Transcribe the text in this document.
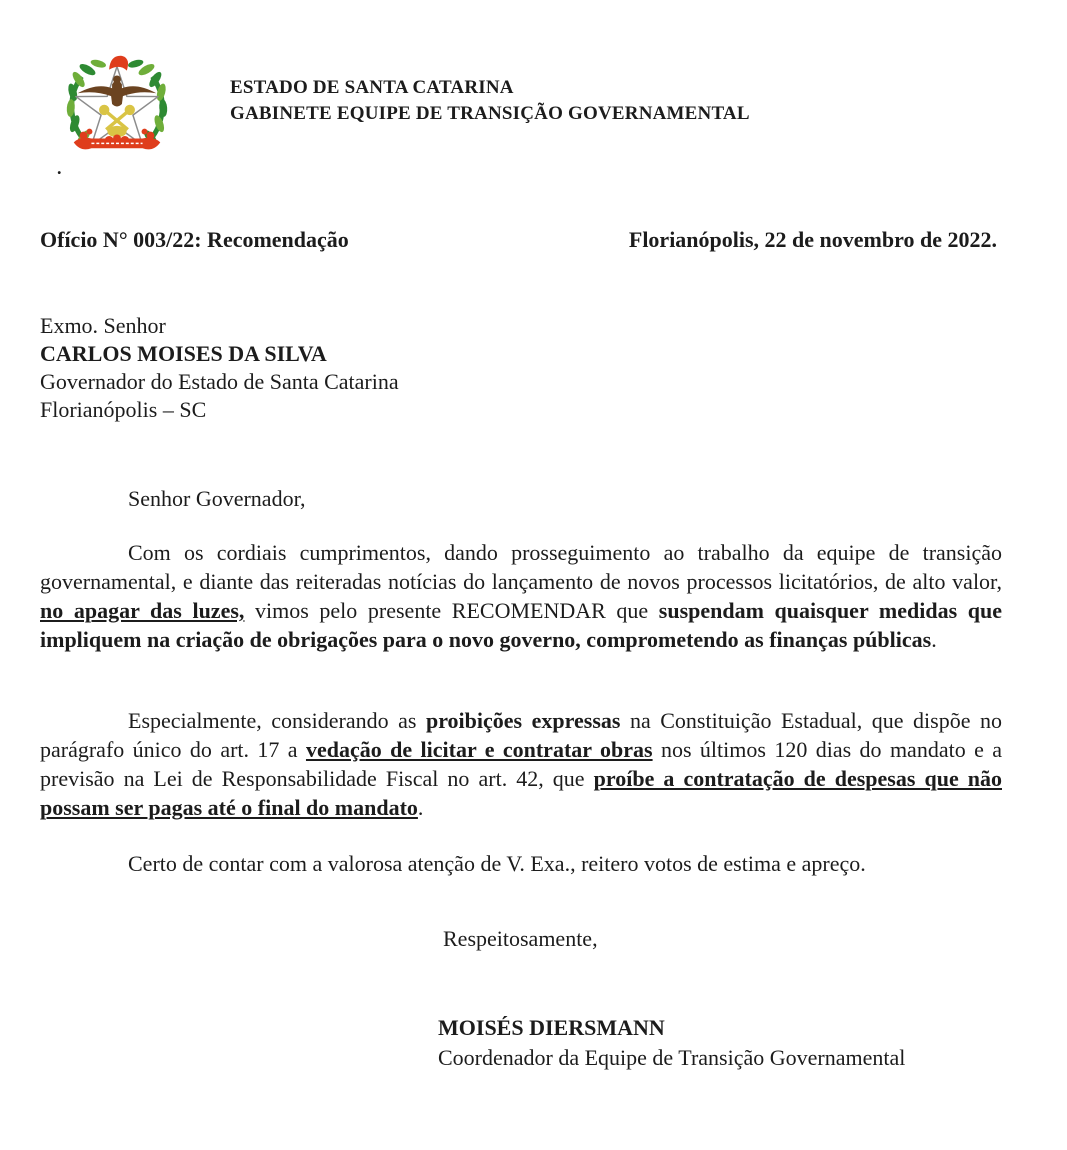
.
ESTADO DE SANTA CATARINA
GABINETE EQUIPE DE TRANSIÇÃO GOVERNAMENTAL
Ofício N° 003/22: Recomendação	Florianópolis, 22 de novembro de 2022.
Exmo. Senhor
CARLOS MOISES DA SILVA
Governador do Estado de Santa Catarina
Florianópolis – SC
Senhor Governador,

Com os cordiais cumprimentos, dando prosseguimento ao trabalho da equipe de transição governamental, e diante das reiteradas notícias do lançamento de novos processos licitatórios, de alto valor, no apagar das luzes, vimos pelo presente RECOMENDAR que suspendam quaisquer medidas que impliquem na criação de obrigações para o novo governo, comprometendo as finanças públicas.

Especialmente, considerando as proibições expressas na Constituição Estadual, que dispõe no parágrafo único do art. 17 a vedação de licitar e contratar obras nos últimos 120 dias do mandato e a previsão na Lei de Responsabilidade Fiscal no art. 42, que proíbe a contratação de despesas que não possam ser pagas até o final do mandato.

Certo de contar com a valorosa atenção de V. Exa., reitero votos de estima e apreço.

Respeitosamente,
MOISÉS DIERSMANN
Coordenador da Equipe de Transição Governamental
